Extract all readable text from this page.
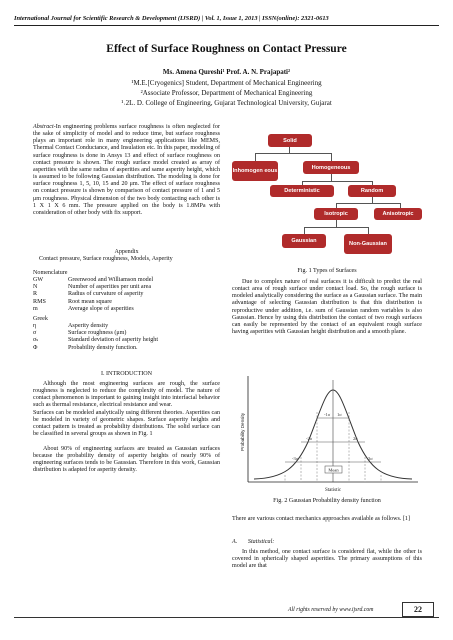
International Journal for Scientific Research & Development (IJSRD) | Vol. 1, Issue 1, 2013 | ISSN(online): 2321-0613
Effect of Surface Roughness on Contact Pressure
Ms. Amena Qureshi¹ Prof. A. N. Prajapati²
¹M.E.[Cryogenics] Student, Department of Mechanical Engineering
²Associate Professor, Department of Mechanical Engineering
¹˒2L. D. College of Engineering, Gujarat Technological University, Gujarat
Abstract-In engineering problems surface roughness is often neglected for the sake of simplicity of model and to reduce time, but surface roughness plays an important role in many engineering applications like MEMS, Thermal Contact Conductance, and Insulation etc. In this paper, modeling of surface roughness is done in Ansys 13 and effect of surface roughness on contact pressure is shown. The rough surface model created as array of asperities with the same radius of asperities and same asperity height, which is assumed to be following Gaussian distribution. The modeling is done for surface roughness 1, 5, 10, 15 and 20 μm. The effect of surface roughness on contact pressure is shown by comparison of contact pressure of 1 and 5 μm roughness. Physical dimension of the two body contacting each other is 1 X 1 X 6 mm. The pressure applied on the body is 1.8MPa with consideration of other body with fix support.
Appendix
Contact pressure, Surface roughness, Models, Asperity
Nomenclature
GW	Greenwood and Williamson model
N	Number of asperities per unit area
R	Radius of curvature of asperity
RMS	Root mean square
m	Average slope of asperities
Greek
η	Asperity density
σ	Surface roughness (μm)
σₛ	Standard deviation of asperity height
Φ	Probability density function.
I. INTRODUCTION
Although the most engineering surfaces are rough, the surface roughness is neglected to reduce the complexity of model. The nature of contact phenomenon is important to gaining insight into interfacial behavior such as thermal resistance, electrical resistance and wear.
Surfaces can be modeled analytically using different theories. Asperities can be modeled in variety of geometric shapes. Surface asperity heights and contact pattern is treated as probability distributions. The solid surface can be classified in several groups as shown in Fig. 1
About 90% of engineering surfaces are treated as Gaussian surfaces because the probability density of asperity heights of nearly 90% of engineering surfaces tends to be Gaussian. Therefore in this work, Gaussian distribution is adapted for asperity density.
Solid
Inhomogen eous
Homogeneous
Deterministic	Random
Isotropic	Anisotropic
Gaussian	Non-Gaussian
Fig. 1 Types of Surfaces
Due to complex nature of real surfaces it is difficult to predict the real contact area of rough surface under contact load. So, the rough surface is modeled analytically considering the surface as a Gaussian surface. The main advantage of selecting Gaussian distribution is that this distribution is reproductive under addition, i.e. sum of Gaussian random variables is also Gaussian. Hence by using this distribution the contact of two rough surfaces can easily be represented by the contact of an equivalent rough surface having asperities with Gaussian height distribution and a smooth plane.
-1σ 1σ
-2σ	2σ
-3σ	3σ
Mean
Statistic
Probability Density
Fig. 2 Gaussian Probability density function
There are various contact mechanics approaches available as follows. [1]
A. Statistical:
In this method, one contact surface is considered flat, while the other is covered in spherically shaped asperities. The primary assumptions of this model are that
All rights reserved by www.ijsrd.com	22
